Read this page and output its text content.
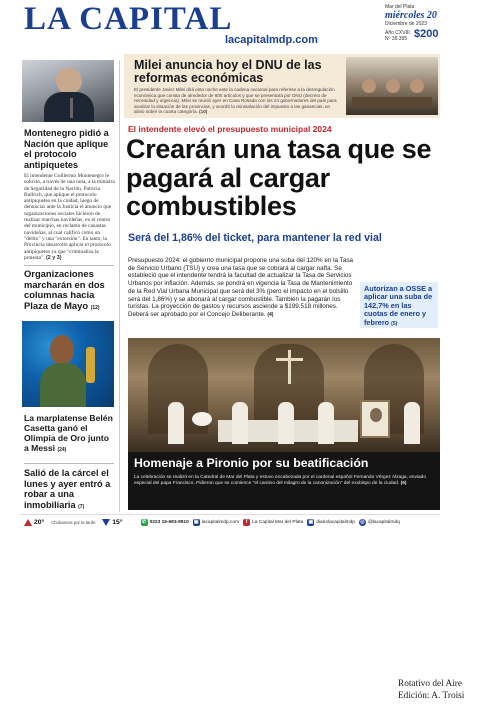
LA CAPITAL
lacapitalmdp.com
Mar del Plata
miércoles 20
Diciembre de 2023
Año CXVIII
Nº 39.395 $200
Milei anuncia hoy el DNU de las reformas económicas
El presidente Javier Milei dirá esta noche ante la cadena nacional para referirse a la desregulación económica que consta de alrededor de 600 artículos y que se presentará por DNU (decreto de necesidad y urgencia). Milei se reunió ayer en Casa Rosada con los 24 gobernadores del país para analizar la situación de las provincias, y acordó la reinstalación del impuesto a las ganancias, un alivio sobre la cuarta categoría. (10)
Montenegro pidió a Nación que aplique el protocolo antipiquetes
El intendente Guillermo Montenegro le solicitó, a través de una nota, a la ministra de Seguridad de la Nación, Patricia Bullrich, que aplique el protocolo antipiquetes en la ciudad, luego de denunciar ante la Justicia el anuncio que organizaciones sociales hicieron de realizar marchas navideñas, en el centro del municipio, en reclamo de canastas navideñas, al cual calificó como un "delito" y una "extorsión". En tanto, la Provincia desarrolló aplicar el protocolo antipiquetes ya que "criminaliza la protesta". (2 y 3)
Organizaciones marcharán en dos columnas hacia Plaza de Mayo (12)
La marplatense Belén Casetta ganó el Olimpia de Oro junto a Messi (24)
Salió de la cárcel el lunes y ayer entró a robar a una inmobiliaria (7)
El intendente elevó el presupuesto municipal 2024
Crearán una tasa que se pagará al cargar combustibles
Será del 1,86% del ticket, para mantener la red vial
Presupuesto 2024: el gobierno municipal propone una suba del 120% en la Tasa de Servicio Urbano (TSU) y crea una tasa que se cobrará al cargar nafta. Se estableció que el intendente tendrá la facultad de actualizar la Tasa de Servicios Urbanos por inflación. Además, se pondrá en vigencia la Tasa de Mantenimiento de la Red Vial Urbana Municipal que será del 3% (pero el impacto en el bolsillo será del 1,86%) y se abonará al cargar combustible. También la pagarán los turistas. La proyección de gastos y recursos asciende a $199.518 millones. Deberá ser aprobado por el Concejo Deliberante. (4)
Autorizan a OSSE a aplicar una suba de 142,7% en las cuotas de enero y febrero (5)
Homenaje a Pironio por su beatificación
La celebración se realizó en la Catedral de Mar del Plata y estuvo encabezada por el cardenal español Fernando Vérgez Alzaga, enviado especial del papa Francisco. Pidieron que se comience "el camino del milagro de la canonización" del exobispo de la ciudad. (6)
20°	Chubascos por la tarde	15°	✆ 0223 15-683-8910 ▣ lacapitalmdp.com	f La Capital Mar del Plata ▣ diariolacapitalmdp ◎ @lacapitalmdq
Rotativo del Aire
Edición: A. Troisi
